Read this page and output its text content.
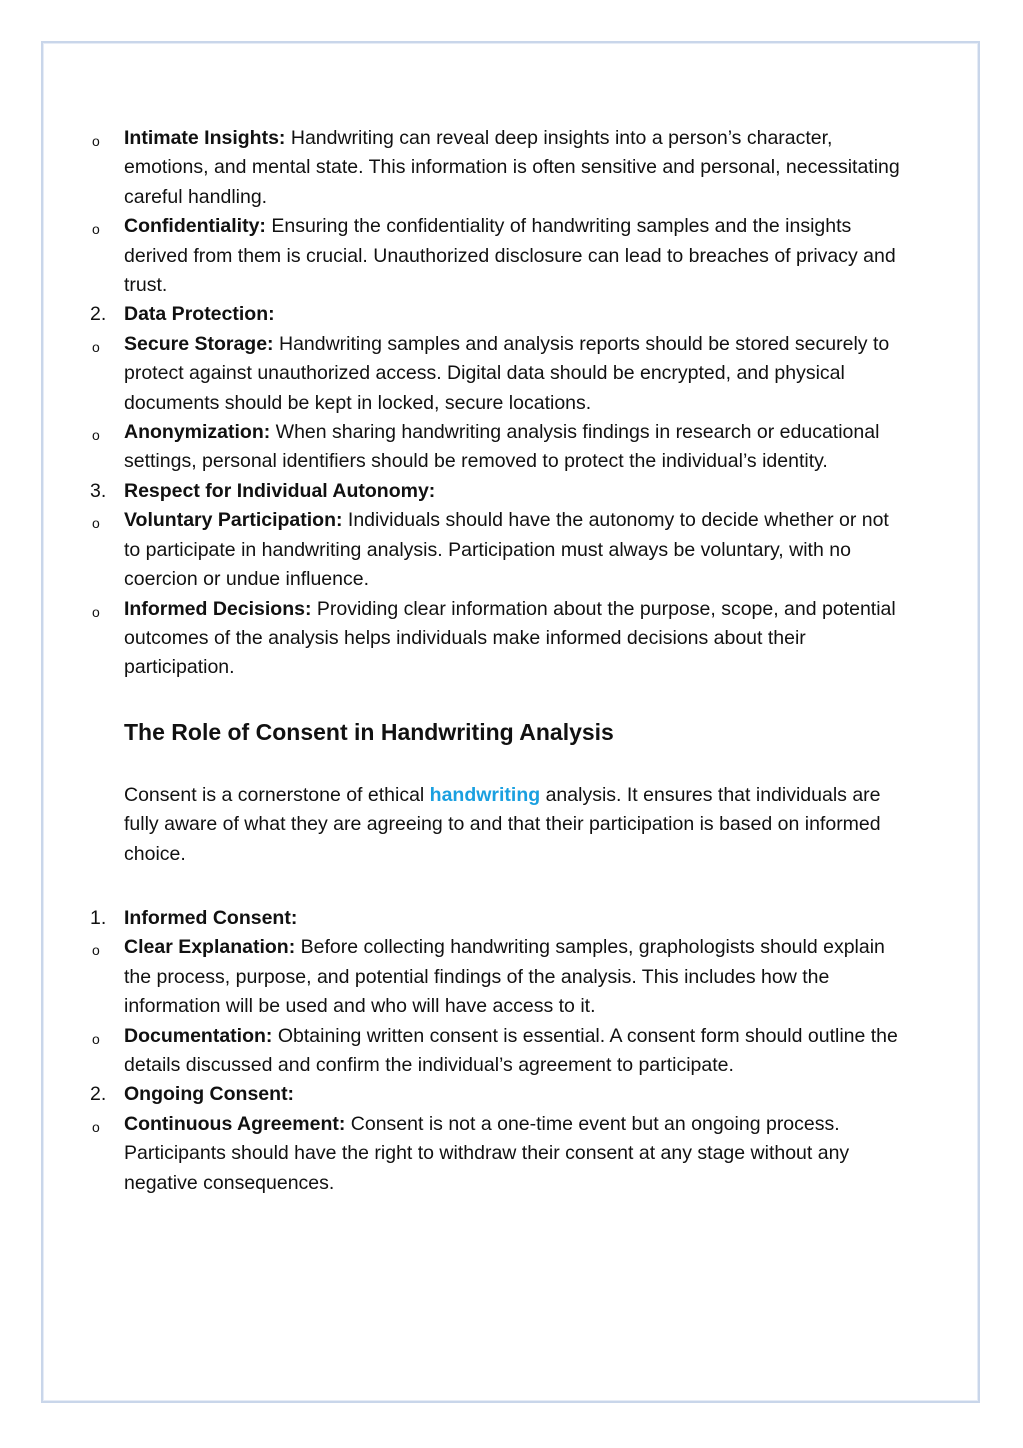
o	Intimate Insights: Handwriting can reveal deep insights into a person’s character, emotions, and mental state. This information is often sensitive and personal, necessitating careful handling.
o	Confidentiality: Ensuring the confidentiality of handwriting samples and the insights derived from them is crucial. Unauthorized disclosure can lead to breaches of privacy and trust.
2. Data Protection:
o	Secure Storage: Handwriting samples and analysis reports should be stored securely to protect against unauthorized access. Digital data should be encrypted, and physical documents should be kept in locked, secure locations.
o	Anonymization: When sharing handwriting analysis findings in research or educational settings, personal identifiers should be removed to protect the individual’s identity.
3. Respect for Individual Autonomy:
o	Voluntary Participation: Individuals should have the autonomy to decide whether or not to participate in handwriting analysis. Participation must always be voluntary, with no coercion or undue influence.
o	Informed Decisions: Providing clear information about the purpose, scope, and potential outcomes of the analysis helps individuals make informed decisions about their participation.
The Role of Consent in Handwriting Analysis
Consent is a cornerstone of ethical handwriting analysis. It ensures that individuals are fully aware of what they are agreeing to and that their participation is based on informed choice.
1. Informed Consent:
o	Clear Explanation: Before collecting handwriting samples, graphologists should explain the process, purpose, and potential findings of the analysis. This includes how the information will be used and who will have access to it.
o	Documentation: Obtaining written consent is essential. A consent form should outline the details discussed and confirm the individual’s agreement to participate.
2. Ongoing Consent:
o	Continuous Agreement: Consent is not a one-time event but an ongoing process. Participants should have the right to withdraw their consent at any stage without any negative consequences.
